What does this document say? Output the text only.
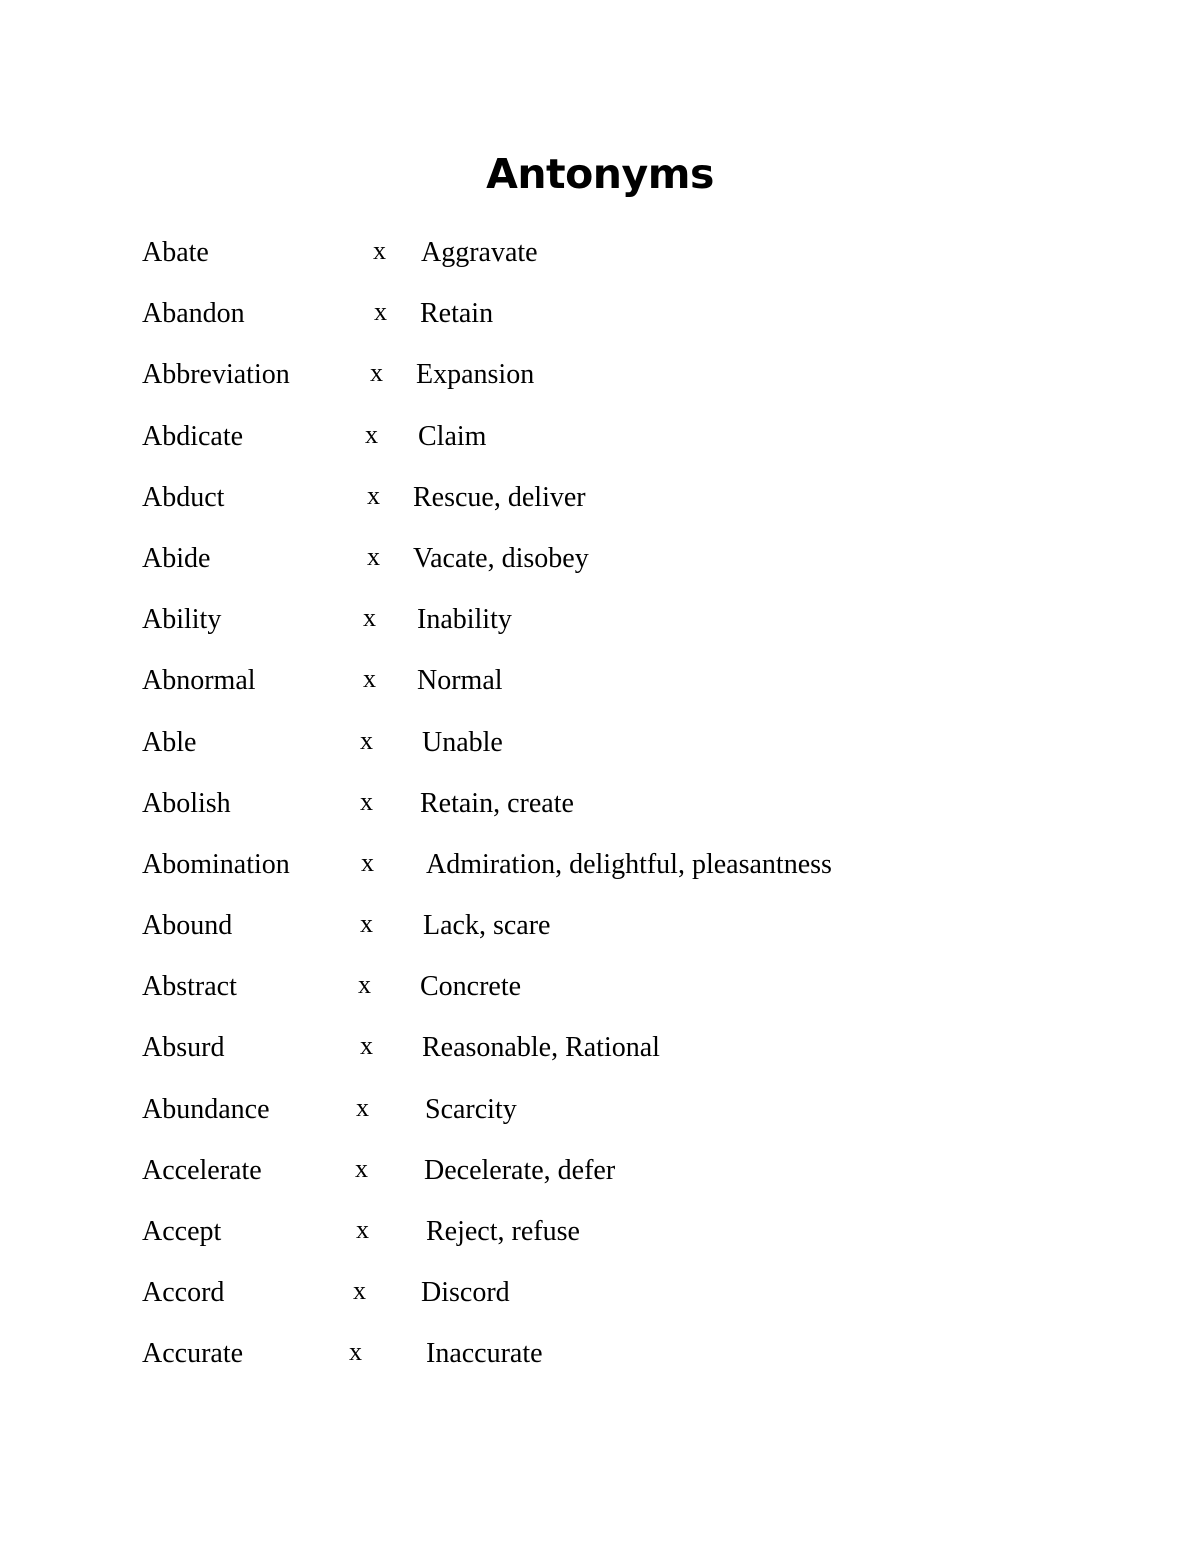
Antonyms
Abate	x Aggravate
Abandon	x Retain
Abbreviation	x Expansion
Abdicate	x Claim
Abduct	x Rescue, deliver
Abide	x Vacate, disobey
Ability	x Inability
Abnormal	x Normal
Able	x Unable
Abolish	x Retain, create
Abomination	x Admiration, delightful, pleasantness
Abound	x Lack, scare
Abstract	x Concrete
Absurd	x Reasonable, Rational
Abundance	x Scarcity
Accelerate	x Decelerate, defer
Accept	x Reject, refuse
Accord	x Discord
Accurate	x Inaccurate
